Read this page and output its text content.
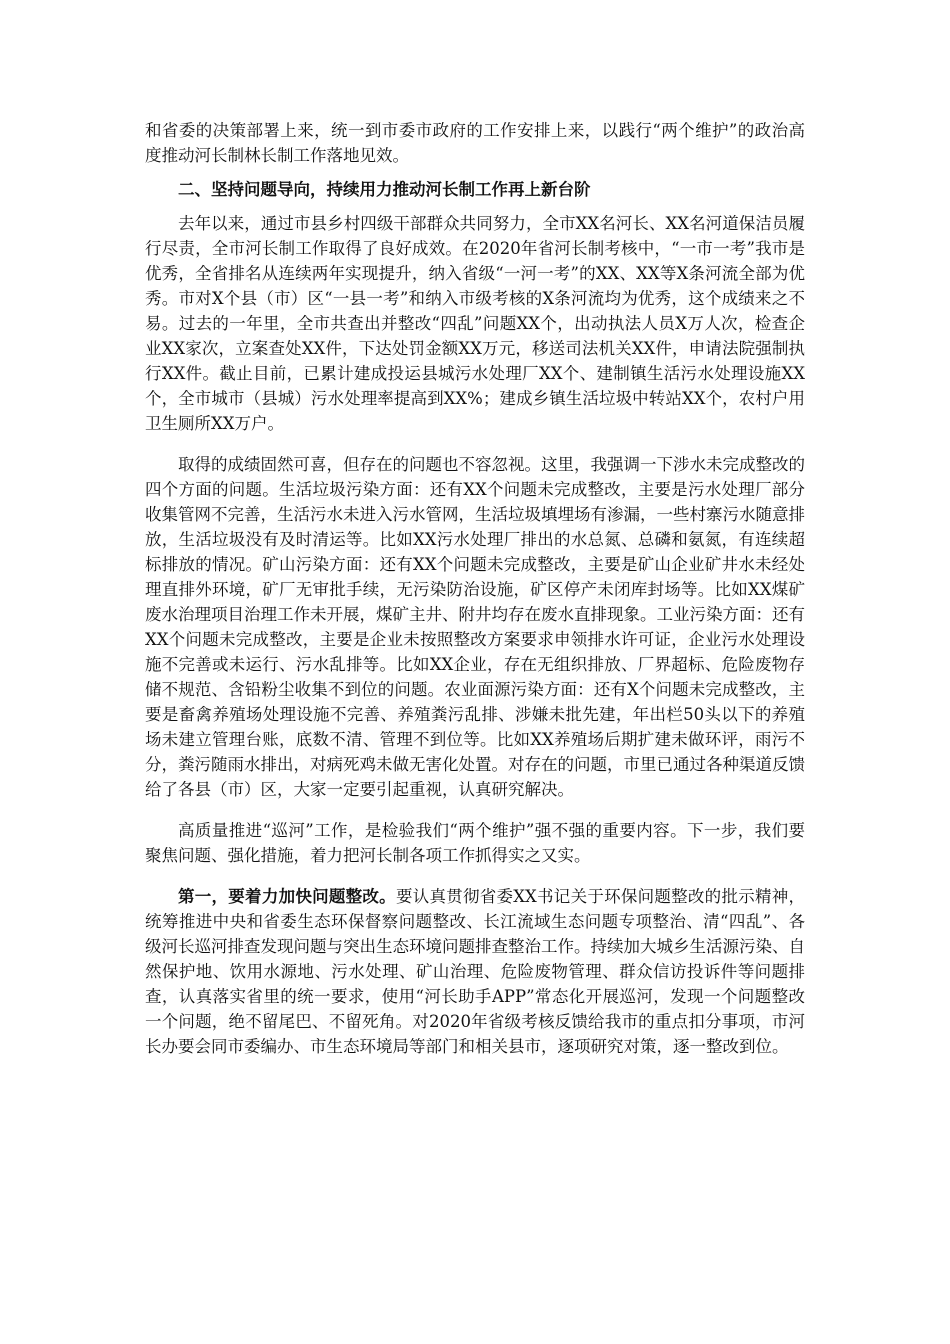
和省委的决策部署上来，统一到市委市政府的工作安排上来，以践行“两个维护”的政治高度推动河长制林长制工作落地见效。

二、坚持问题导向，持续用力推动河长制工作再上新台阶

去年以来，通过市县乡村四级干部群众共同努力，全市XX名河长、XX名河道保洁员履行尽责，全市河长制工作取得了良好成效。在2020年省河长制考核中，“一市一考”我市是优秀，全省排名从连续两年实现提升，纳入省级“一河一考”的XX、XX等X条河流全部为优秀。市对X个县（市）区“一县一考”和纳入市级考核的X条河流均为优秀，这个成绩来之不易。过去的一年里，全市共查出并整改“四乱”问题XX个，出动执法人员X万人次，检查企业XX家次，立案查处XX件，下达处罚金额XX万元，移送司法机关XX件，申请法院强制执行XX件。截止目前，已累计建成投运县城污水处理厂XX个、建制镇生活污水处理设施XX个，全市城市（县城）污水处理率提高到XX%；建成乡镇生活垃圾中转站XX个，农村户用卫生厕所XX万户。

取得的成绩固然可喜，但存在的问题也不容忽视。这里，我强调一下涉水未完成整改的四个方面的问题。生活垃圾污染方面：还有XX个问题未完成整改，主要是污水处理厂部分收集管网不完善，生活污水未进入污水管网，生活垃圾填埋场有渗漏，一些村寨污水随意排放，生活垃圾没有及时清运等。比如XX污水处理厂排出的水总氮、总磷和氨氮，有连续超标排放的情况。矿山污染方面：还有XX个问题未完成整改，主要是矿山企业矿井水未经处理直排外环境，矿厂无审批手续，无污染防治设施，矿区停产未闭库封场等。比如XX煤矿废水治理项目治理工作未开展，煤矿主井、附井均存在废水直排现象。工业污染方面：还有XX个问题未完成整改，主要是企业未按照整改方案要求申领排水许可证，企业污水处理设施不完善或未运行、污水乱排等。比如XX企业，存在无组织排放、厂界超标、危险废物存储不规范、含铅粉尘收集不到位的问题。农业面源污染方面：还有X个问题未完成整改，主要是畜禽养殖场处理设施不完善、养殖粪污乱排、涉嫌未批先建，年出栏50头以下的养殖场未建立管理台账，底数不清、管理不到位等。比如XX养殖场后期扩建未做环评，雨污不分，粪污随雨水排出，对病死鸡未做无害化处置。对存在的问题，市里已通过各种渠道反馈给了各县（市）区，大家一定要引起重视，认真研究解决。

高质量推进“巡河”工作，是检验我们“两个维护”强不强的重要内容。下一步，我们要聚焦问题、强化措施，着力把河长制各项工作抓得实之又实。

第一，要着力加快问题整改。要认真贯彻省委XX书记关于环保问题整改的批示精神，统筹推进中央和省委生态环保督察问题整改、长江流域生态问题专项整治、清“四乱”、各级河长巡河排查发现问题与突出生态环境问题排查整治工作。持续加大城乡生活源污染、自然保护地、饮用水源地、污水处理、矿山治理、危险废物管理、群众信访投诉件等问题排查，认真落实省里的统一要求，使用“河长助手APP”常态化开展巡河，发现一个问题整改一个问题，绝不留尾巴、不留死角。对2020年省级考核反馈给我市的重点扣分事项，市河长办要会同市委编办、市生态环境局等部门和相关县市，逐项研究对策，逐一整改到位。
